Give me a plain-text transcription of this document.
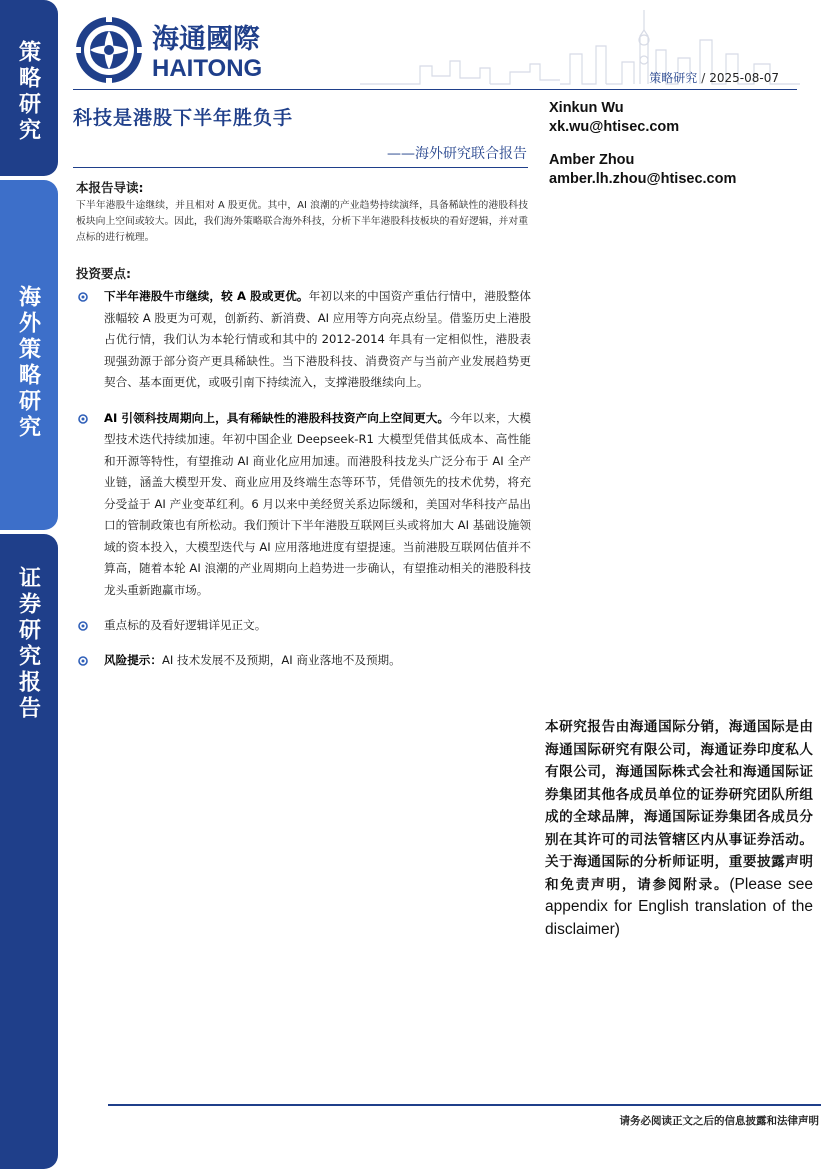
策略研究
海外策略研究
证券研究报告
海通國際
HAITONG	策略研究 / 2025-08-07
科技是港股下半年胜负手
——海外研究联合报告
Xinkun Wu
xk.wu@htisec.com
Amber Zhou
amber.lh.zhou@htisec.com
本报告导读:
下半年港股牛途继续，并且相对 A 股更优。其中，AI 浪潮的产业趋势持续演绎，具备稀缺性的港股科技板块向上空间或较大。因此，我们海外策略联合海外科技，分析下半年港股科技板块的看好逻辑，并对重点标的进行梳理。
投资要点:
下半年港股牛市继续，较 A 股或更优。年初以来的中国资产重估行情中，港股整体涨幅较 A 股更为可观，创新药、新消费、AI 应用等方向亮点纷呈。借鉴历史上港股占优行情，我们认为本轮行情或和其中的 2012-2014 年具有一定相似性，港股表现强劲源于部分资产更具稀缺性。当下港股科技、消费资产与当前产业发展趋势更契合、基本面更优，或吸引南下持续流入，支撑港股继续向上。
AI 引领科技周期向上，具有稀缺性的港股科技资产向上空间更大。今年以来，大模型技术迭代持续加速。年初中国企业 Deepseek-R1 大模型凭借其低成本、高性能和开源等特性，有望推动 AI 商业化应用加速。而港股科技龙头广泛分布于 AI 全产业链，涵盖大模型开发、商业应用及终端生态等环节，凭借领先的技术优势，将充分受益于 AI 产业变革红利。6 月以来中美经贸关系边际缓和，美国对华科技产品出口的管制政策也有所松动。我们预计下半年港股互联网巨头或将加大 AI 基础设施领域的资本投入，大模型迭代与 AI 应用落地进度有望提速。当前港股互联网估值并不算高，随着本轮 AI 浪潮的产业周期向上趋势进一步确认，有望推动相关的港股科技龙头重新跑赢市场。
重点标的及看好逻辑详见正文。
风险提示：AI 技术发展不及预期，AI 商业落地不及预期。
本研究报告由海通国际分销，海通国际是由海通国际研究有限公司，海通证券印度私人有限公司，海通国际株式会社和海通国际证券集团其他各成员单位的证券研究团队所组成的全球品牌，海通国际证券集团各成员分别在其许可的司法管辖区内从事证券活动。关于海通国际的分析师证明，重要披露声明和免责声明，请参阅附录。(Please see appendix for English translation of the disclaimer)
请务必阅读正文之后的信息披露和法律声明
